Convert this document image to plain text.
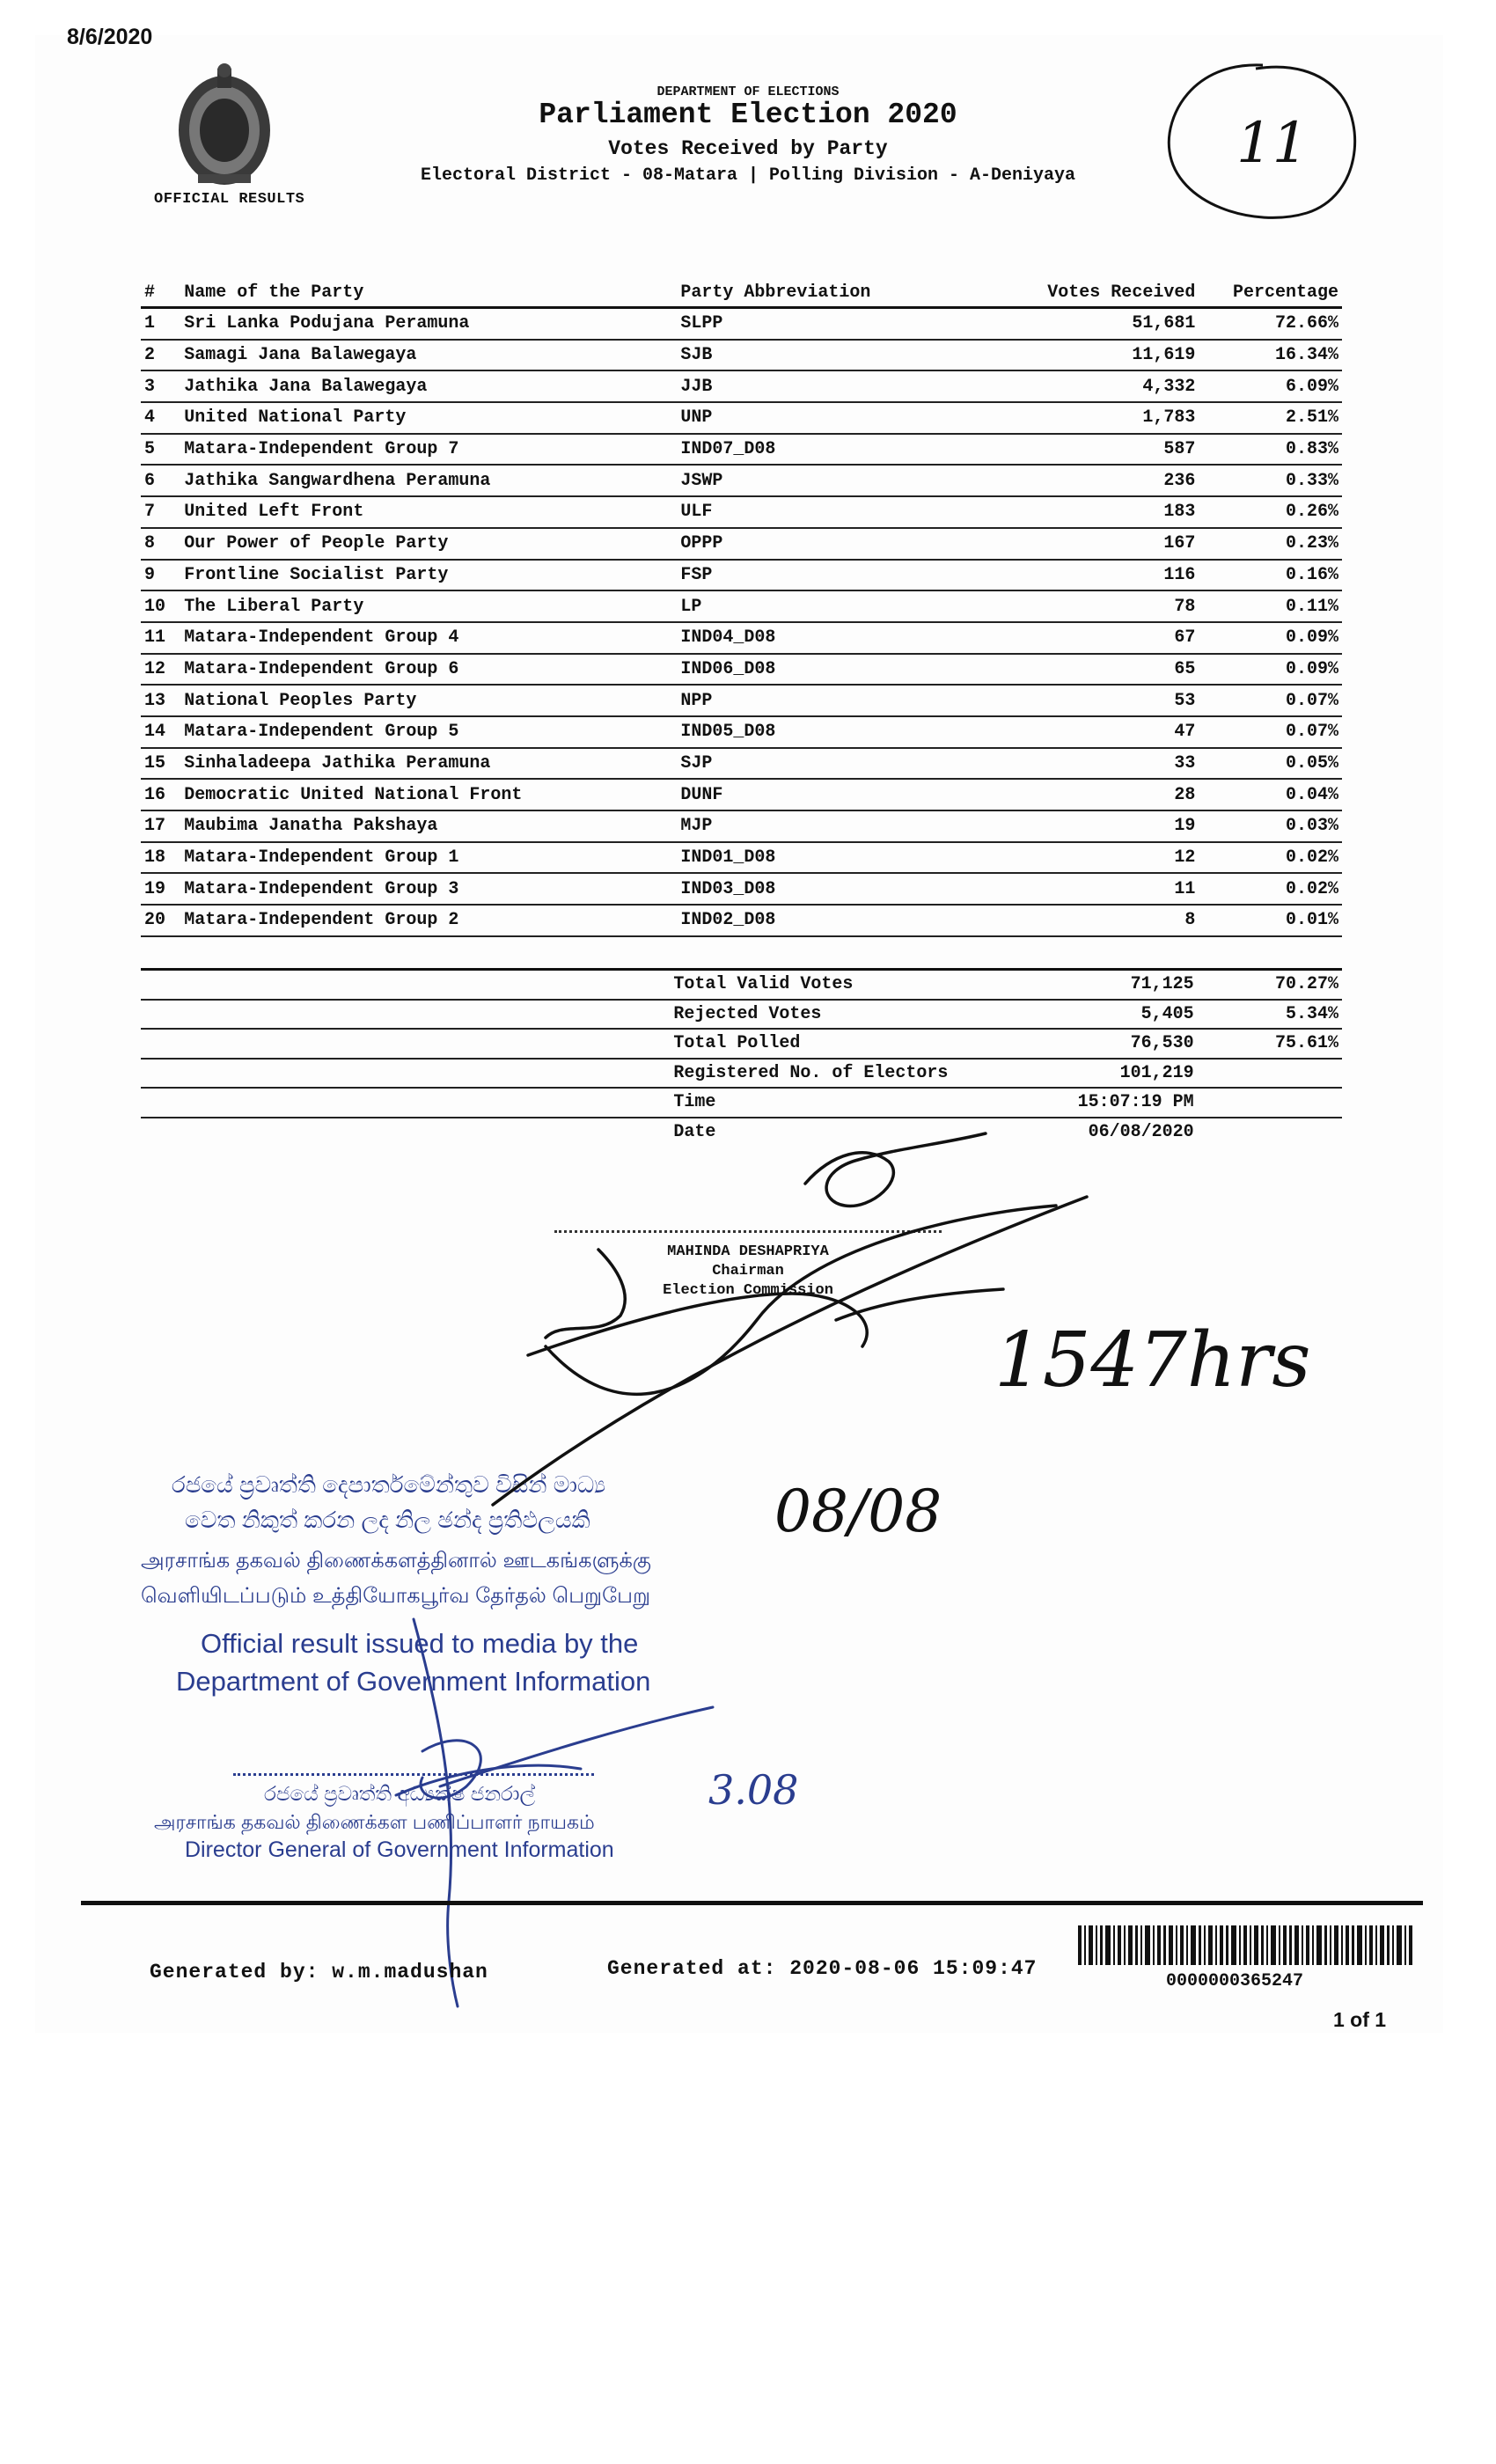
8/6/2020
OFFICIAL RESULTS
DEPARTMENT OF ELECTIONS
Parliament Election 2020
Votes Received by Party
Electoral District - 08-Matara | Polling Division - A-Deniyaya	11
#	Name of the Party	Party Abbreviation	Votes Received	Percentage
1	Sri Lanka Podujana Peramuna	SLPP	51,681	72.66%
2	Samagi Jana Balawegaya	SJB	11,619	16.34%
3	Jathika Jana Balawegaya	JJB	4,332	6.09%
4	United National Party	UNP	1,783	2.51%
5	Matara-Independent Group 7	IND07_D08	587	0.83%
6	Jathika Sangwardhena Peramuna	JSWP	236	0.33%
7	United Left Front	ULF	183	0.26%
8	Our Power of People Party	OPPP	167	0.23%
9	Frontline Socialist Party	FSP	116	0.16%
10	The Liberal Party	LP	78	0.11%
11	Matara-Independent Group 4	IND04_D08	67	0.09%
12	Matara-Independent Group 6	IND06_D08	65	0.09%
13	National Peoples Party	NPP	53	0.07%
14	Matara-Independent Group 5	IND05_D08	47	0.07%
15	Sinhaladeepa Jathika Peramuna	SJP	33	0.05%
16	Democratic United National Front	DUNF	28	0.04%
17	Maubima Janatha Pakshaya	MJP	19	0.03%
18	Matara-Independent Group 1	IND01_D08	12	0.02%
19	Matara-Independent Group 3	IND03_D08	11	0.02%
20	Matara-Independent Group 2	IND02_D08	8	0.01%
	Total Valid Votes	71,125	70.27%
	Rejected Votes	5,405	5.34%
	Total Polled	76,530	75.61%
	Registered No. of Electors	101,219	
	Time	15:07:19 PM	
	Date	06/08/2020	
MAHINDA DESHAPRIYA
Chairman
Election Commission
රජයේ ප්‍රවෘත්ති දෙපාර්තමේන්තුව විසින් මාධ්‍ය
වෙත නිකුත් කරන ලද නිල ඡන්ද ප්‍රතිඵලයකි
அரசாங்க தகவல் திணைக்களத்தினால் ஊடகங்களுக்கு
வெளியிடப்படும் உத்தியோகபூர்வ தேர்தல் பெறுபேறு
Official result issued to media by the
Department of Government Information
රජයේ ප්‍රවෘත්ති අධ්‍යක්ෂ ජනරාල්
அரசாங்க தகவல் திணைக்கள பணிப்பாளர் நாயகம்
Director General of Government Information
1547hrs
08/08
3.08
Generated by: w.m.madushan	Generated at: 2020-08-06 15:09:47
0000000365247
1 of 1
